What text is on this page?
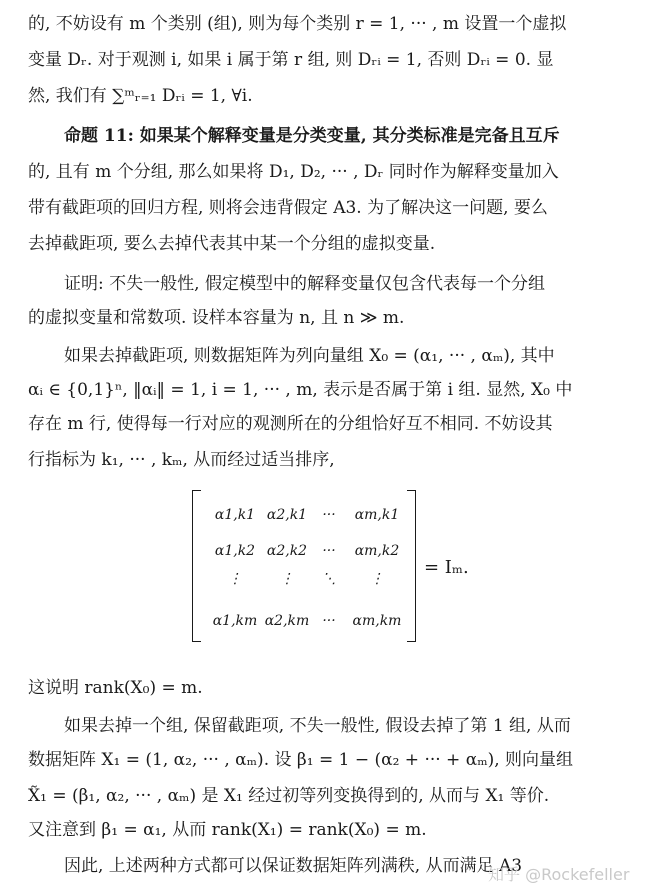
的, 不妨设有 m 个类别 (组), 则为每个类别 r = 1, ··· , m 设置一个虚拟
变量 Dᵣ. 对于观测 i, 如果 i 属于第 r 组, 则 Dᵣᵢ = 1, 否则 Dᵣᵢ = 0. 显
然, 我们有 ∑ᵐᵣ₌₁ Dᵣᵢ = 1, ∀i.
命题 11: 如果某个解释变量是分类变量, 其分类标准是完备且互斥
的, 且有 m 个分组, 那么如果将 D₁, D₂, ··· , Dᵣ 同时作为解释变量加入
带有截距项的回归方程, 则将会违背假定 A3. 为了解决这一问题, 要么
去掉截距项, 要么去掉代表其中某一个分组的虚拟变量.
证明: 不失一般性, 假定模型中的解释变量仅包含代表每一个分组
的虚拟变量和常数项. 设样本容量为 n, 且 n ≫ m.
如果去掉截距项, 则数据矩阵为列向量组 X₀ = (α₁, ··· , αₘ), 其中
αᵢ ∈ {0,1}ⁿ, ‖αᵢ‖ = 1, i = 1, ··· , m, 表示是否属于第 i 组. 显然, X₀ 中
存在 m 行, 使得每一行对应的观测所在的分组恰好互不相同. 不妨设其
行指标为 k₁, ··· , kₘ, 从而经过适当排序,
α1,k1 α2,k1	···	αm,k1
α1,k2 α2,k2	···	αm,k2
⋮	⋮	⋱	⋮
α1,km α2,km ···	αm,km
= Iₘ.
这说明 rank(X₀) = m.
如果去掉一个组, 保留截距项, 不失一般性, 假设去掉了第 1 组, 从而
数据矩阵 X₁ = (1, α₂, ··· , αₘ). 设 β₁ = 1 − (α₂ + ··· + αₘ), 则向量组
X̃₁ = (β₁, α₂, ··· , αₘ) 是 X₁ 经过初等列变换得到的, 从而与 X₁ 等价.
又注意到 β₁ = α₁, 从而 rank(X₁) = rank(X₀) = m.
因此, 上述两种方式都可以保证数据矩阵列满秩, 从而满足 A3
知乎 @Rockefeller
